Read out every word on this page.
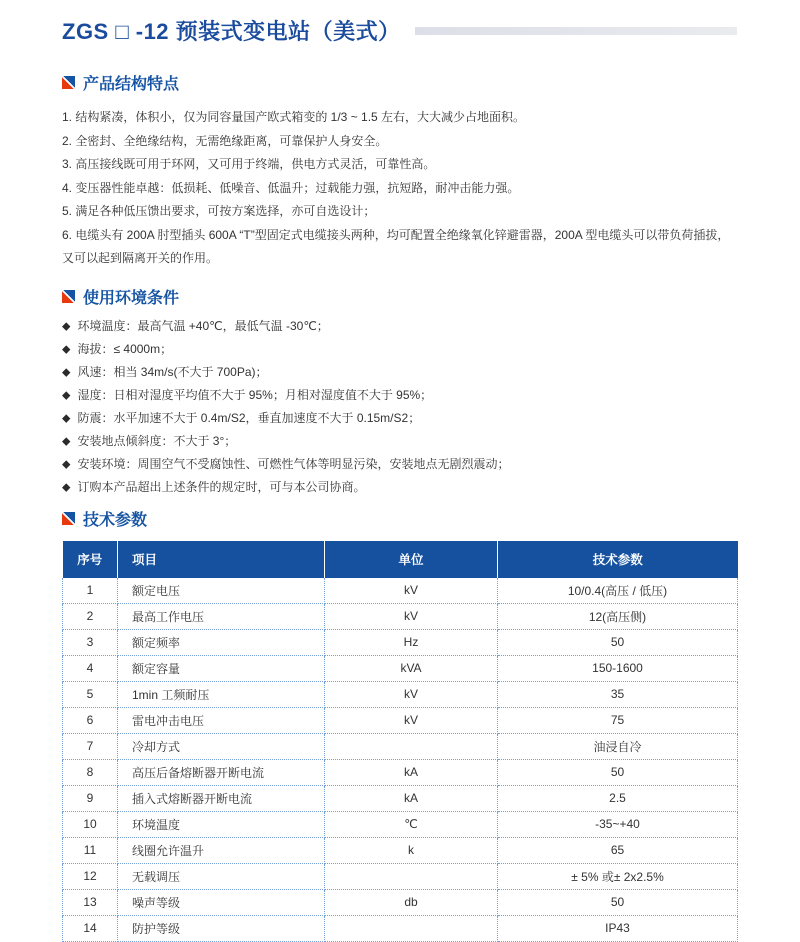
ZGS □ -12 预装式变电站（美式）
产品结构特点

1. 结构紧凑，体积小，仅为同容量国产欧式箱变的 1/3 ~ 1.5 左右，大大减少占地面积。

2. 全密封、全绝缘结构，无需绝缘距离，可靠保护人身安全。

3. 高压接线既可用于环网，又可用于终端，供电方式灵活，可靠性高。

4. 变压器性能卓越：低损耗、低噪音、低温升；过载能力强，抗短路，耐冲击能力强。

5. 满足各种低压馈出要求，可按方案选择，亦可自选设计；

6. 电缆头有 200A 肘型插头 600A “T”型固定式电缆接头两种，均可配置全绝缘氧化锌避雷器，200A 型电缆头可以带负荷插拔，又可以起到隔离开关的作用。

使用环境条件

◆ 环境温度：最高气温 +40℃，最低气温 -30℃；

◆ 海拔：≤ 4000m；

◆ 风速：相当 34m/s(不大于 700Pa)；

◆ 湿度：日相对湿度平均值不大于 95%；月相对湿度值不大于 95%；

◆ 防震：水平加速不大于 0.4m/S2，垂直加速度不大于 0.15m/S2；

◆ 安装地点倾斜度：不大于 3°；

◆ 安装环境：周围空气不受腐蚀性、可燃性气体等明显污染，安装地点无剧烈震动；

◆ 订购本产品超出上述条件的规定时，可与本公司协商。

技术参数
序号	项目	单位	技术参数
1	额定电压	kV	10/0.4(高压 / 低压)
2	最高工作电压	kV	12(高压侧)
3	额定频率	Hz	50
4	额定容量	kVA	150-1600
5	1min 工频耐压	kV	35
6	雷电冲击电压	kV	75
7	冷却方式		油浸自冷
8	高压后备熔断器开断电流	kA	50
9	插入式熔断器开断电流	kA	2.5
10	环境温度	℃	-35~+40
11	线圈允许温升	k	65
12	无载调压		± 5% 或± 2x2.5%
13	噪声等级	db	50
14	防护等级		IP43
